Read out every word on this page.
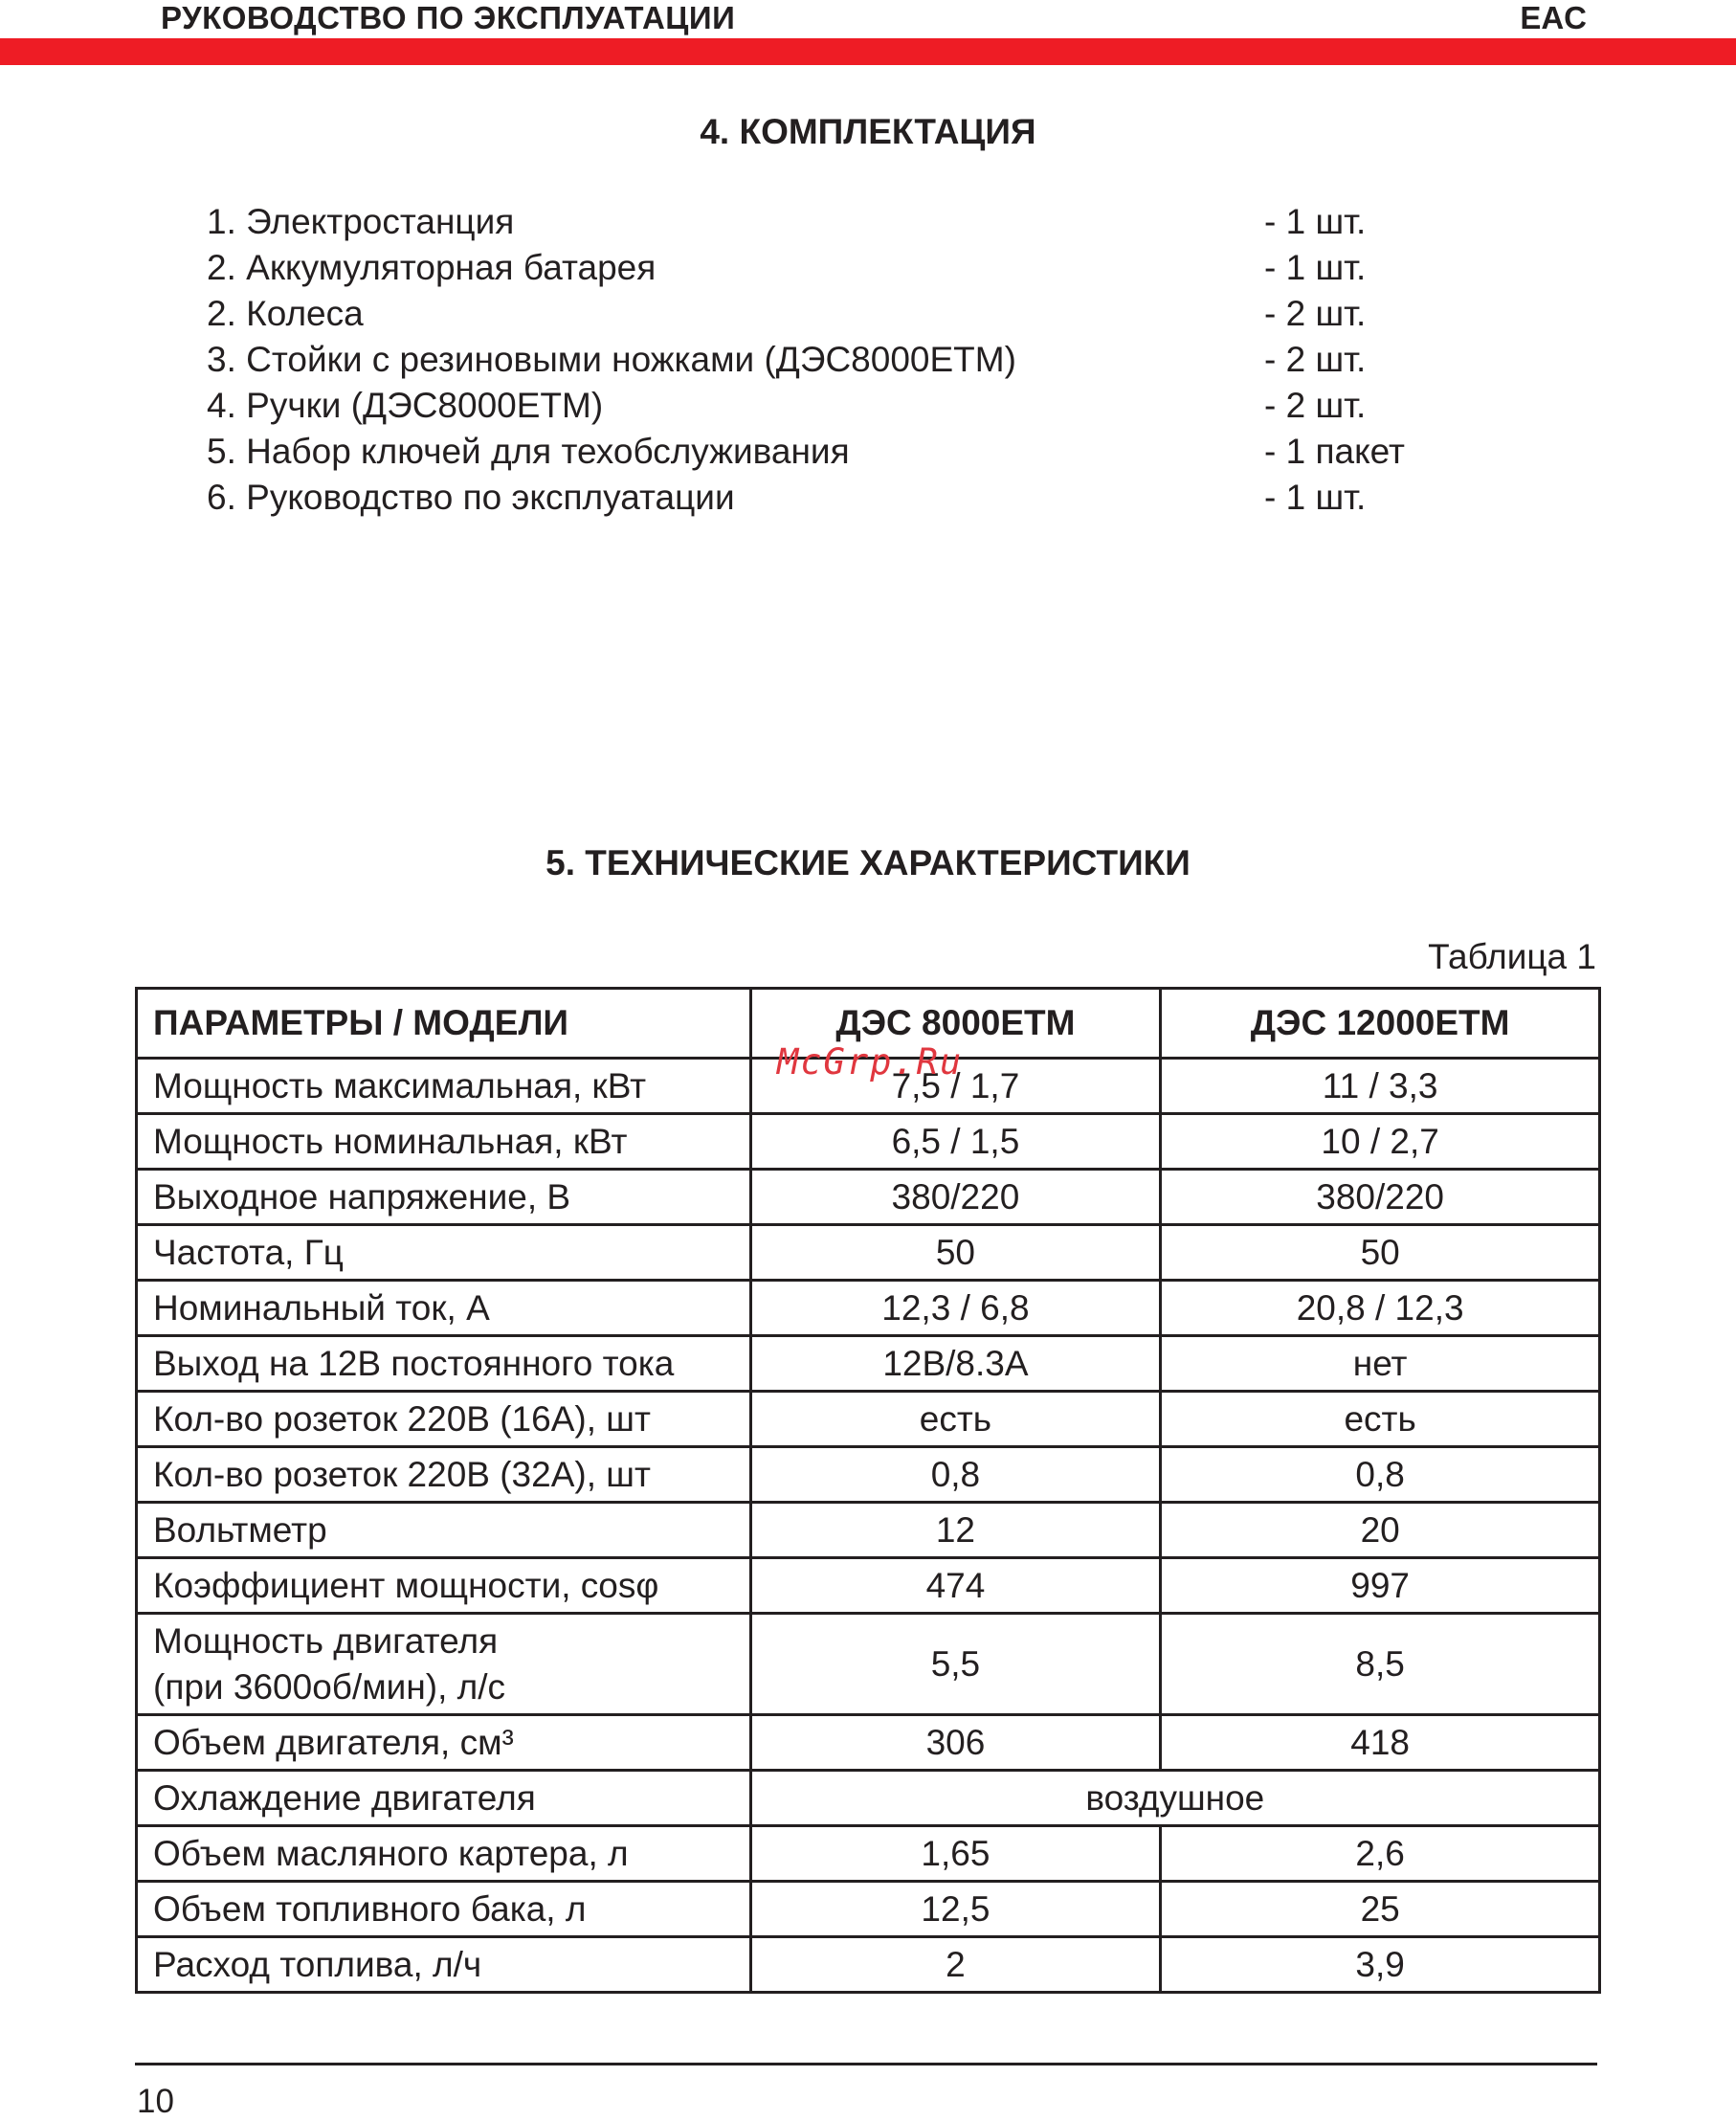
РУКОВОДСТВО ПО ЭКСПЛУАТАЦИИ	EAC
4. КОМПЛЕКТАЦИЯ
1. Электростанция	- 1 шт.
2. Аккумуляторная батарея	- 1 шт.
2. Колеса	- 2 шт.
3. Стойки с резиновыми ножками (ДЭС8000ETM)	- 2 шт.
4. Ручки (ДЭС8000ETM)	- 2 шт.
5. Набор ключей для техобслуживания	- 1 пакет
6. Руководство по эксплуатации	- 1 шт.
5. ТЕХНИЧЕСКИЕ ХАРАКТЕРИСТИКИ
Таблица 1
ПАРАМЕТРЫ / МОДЕЛИ	ДЭС 8000ETM	ДЭС 12000ETM
Мощность максимальная, кВт	7,5 / 1,7	11 / 3,3
Мощность номинальная, кВт	6,5 / 1,5	10 / 2,7
Выходное напряжение, В	380/220	380/220
Частота, Гц	50	50
Номинальный ток, А	12,3 / 6,8	20,8 / 12,3
Выход на 12В постоянного тока	12В/8.3А	нет
Кол-во розеток 220В (16А), шт	есть	есть
Кол-во розеток 220В (32А), шт	0,8	0,8
Вольтметр	12	20
Коэффициент мощности, cosφ	474	997

Мощность двигателя
(при 3600об/мин), л/с	5,5	8,5
Объем двигателя, см³	306	418
Охлаждение двигателя	воздушное	
Объем масляного картера, л	1,65	2,6
Объем топливного бака, л	12,5	25
Расход топлива, л/ч	2	3,9
McGrp.Ru
10
